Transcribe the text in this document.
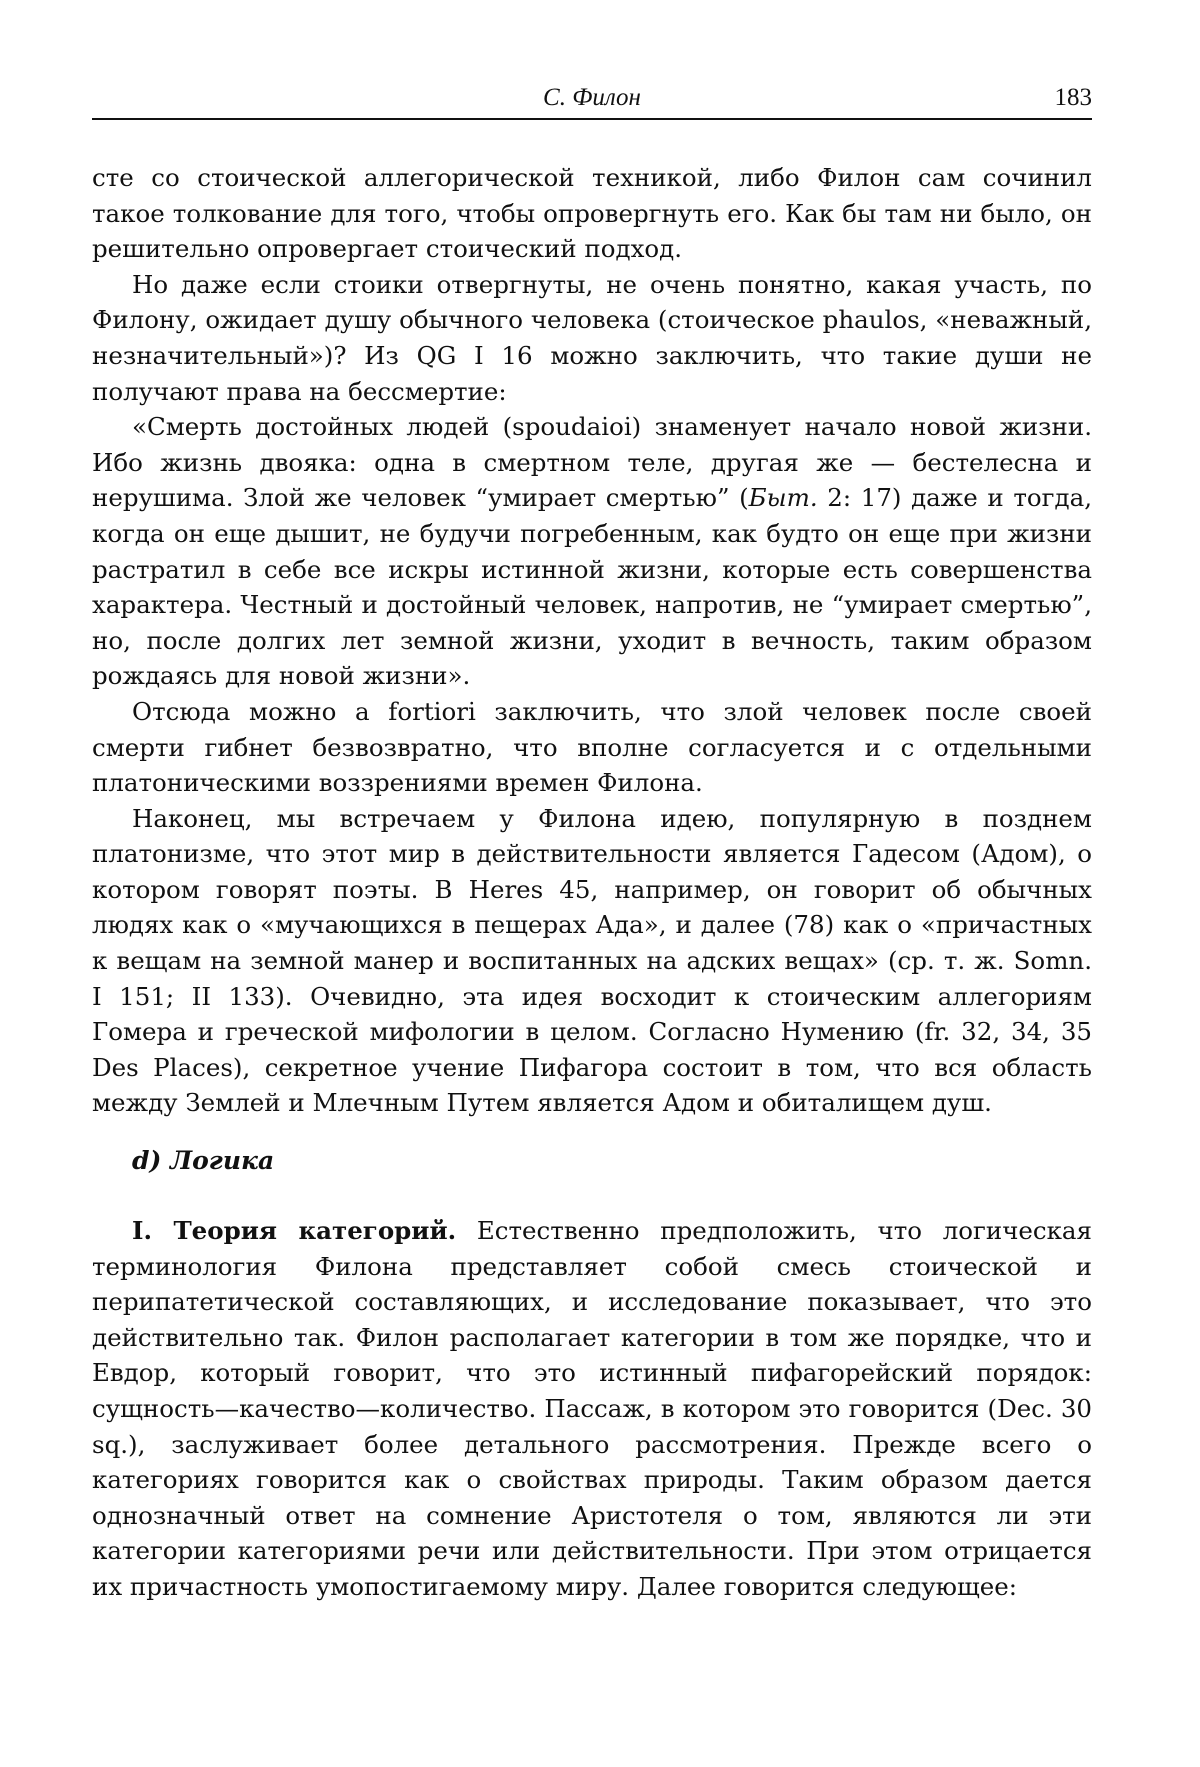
С. Филон	183

сте со стоической аллегорической техникой, либо Филон сам сочинил такое толкование для того, чтобы опровергнуть его. Как бы там ни было, он решительно опровергает стоический подход.

Но даже если стоики отвергнуты, не очень понятно, какая участь, по Филону, ожидает душу обычного человека (стоическое phaulos, «неважный, незначительный»)? Из QG I 16 можно заключить, что такие души не получают права на бессмертие:

«Смерть достойных людей (spoudaioi) знаменует начало новой жизни. Ибо жизнь двояка: одна в смертном теле, другая же — бестелесна и нерушима. Злой же человек “умирает смертью” (Быт. 2: 17) даже и тогда, когда он еще дышит, не будучи погребенным, как будто он еще при жизни растратил в себе все искры истинной жизни, которые есть совершенства характера. Честный и достойный человек, напротив, не “умирает смертью”, но, после долгих лет земной жизни, уходит в вечность, таким образом рождаясь для новой жизни».

Отсюда можно a fortiori заключить, что злой человек после своей смерти гибнет безвозвратно, что вполне согласуется и с отдельными платоническими воззрениями времен Филона.

Наконец, мы встречаем у Филона идею, популярную в позднем платонизме, что этот мир в действительности является Гадесом (Адом), о котором говорят поэты. В Heres 45, например, он говорит об обычных людях как о «мучающихся в пещерах Ада», и далее (78) как о «причастных к вещам на земной манер и воспитанных на адских вещах» (ср. т. ж. Somn. I 151; II 133). Очевидно, эта идея восходит к стоическим аллегориям Гомера и греческой мифологии в целом. Согласно Нумению (fr. 32, 34, 35 Des Places), секретное учение Пифагора состоит в том, что вся область между Землей и Млечным Путем является Адом и обиталищем душ.

d) Логика

I. Теория категорий. Естественно предположить, что логическая терминология Филона представляет собой смесь стоической и перипатетической составляющих, и исследование показывает, что это действительно так. Филон располагает категории в том же порядке, что и Евдор, который говорит, что это истинный пифагорейский порядок: сущность—качество—количество. Пассаж, в котором это говорится (Dec. 30 sq.), заслуживает более детального рассмотрения. Прежде всего о категориях говорится как о свойствах природы. Таким образом дается однозначный ответ на сомнение Аристотеля о том, являются ли эти категории категориями речи или действительности. При этом отрицается их причастность умопостигаемому миру. Далее говорится следующее:
